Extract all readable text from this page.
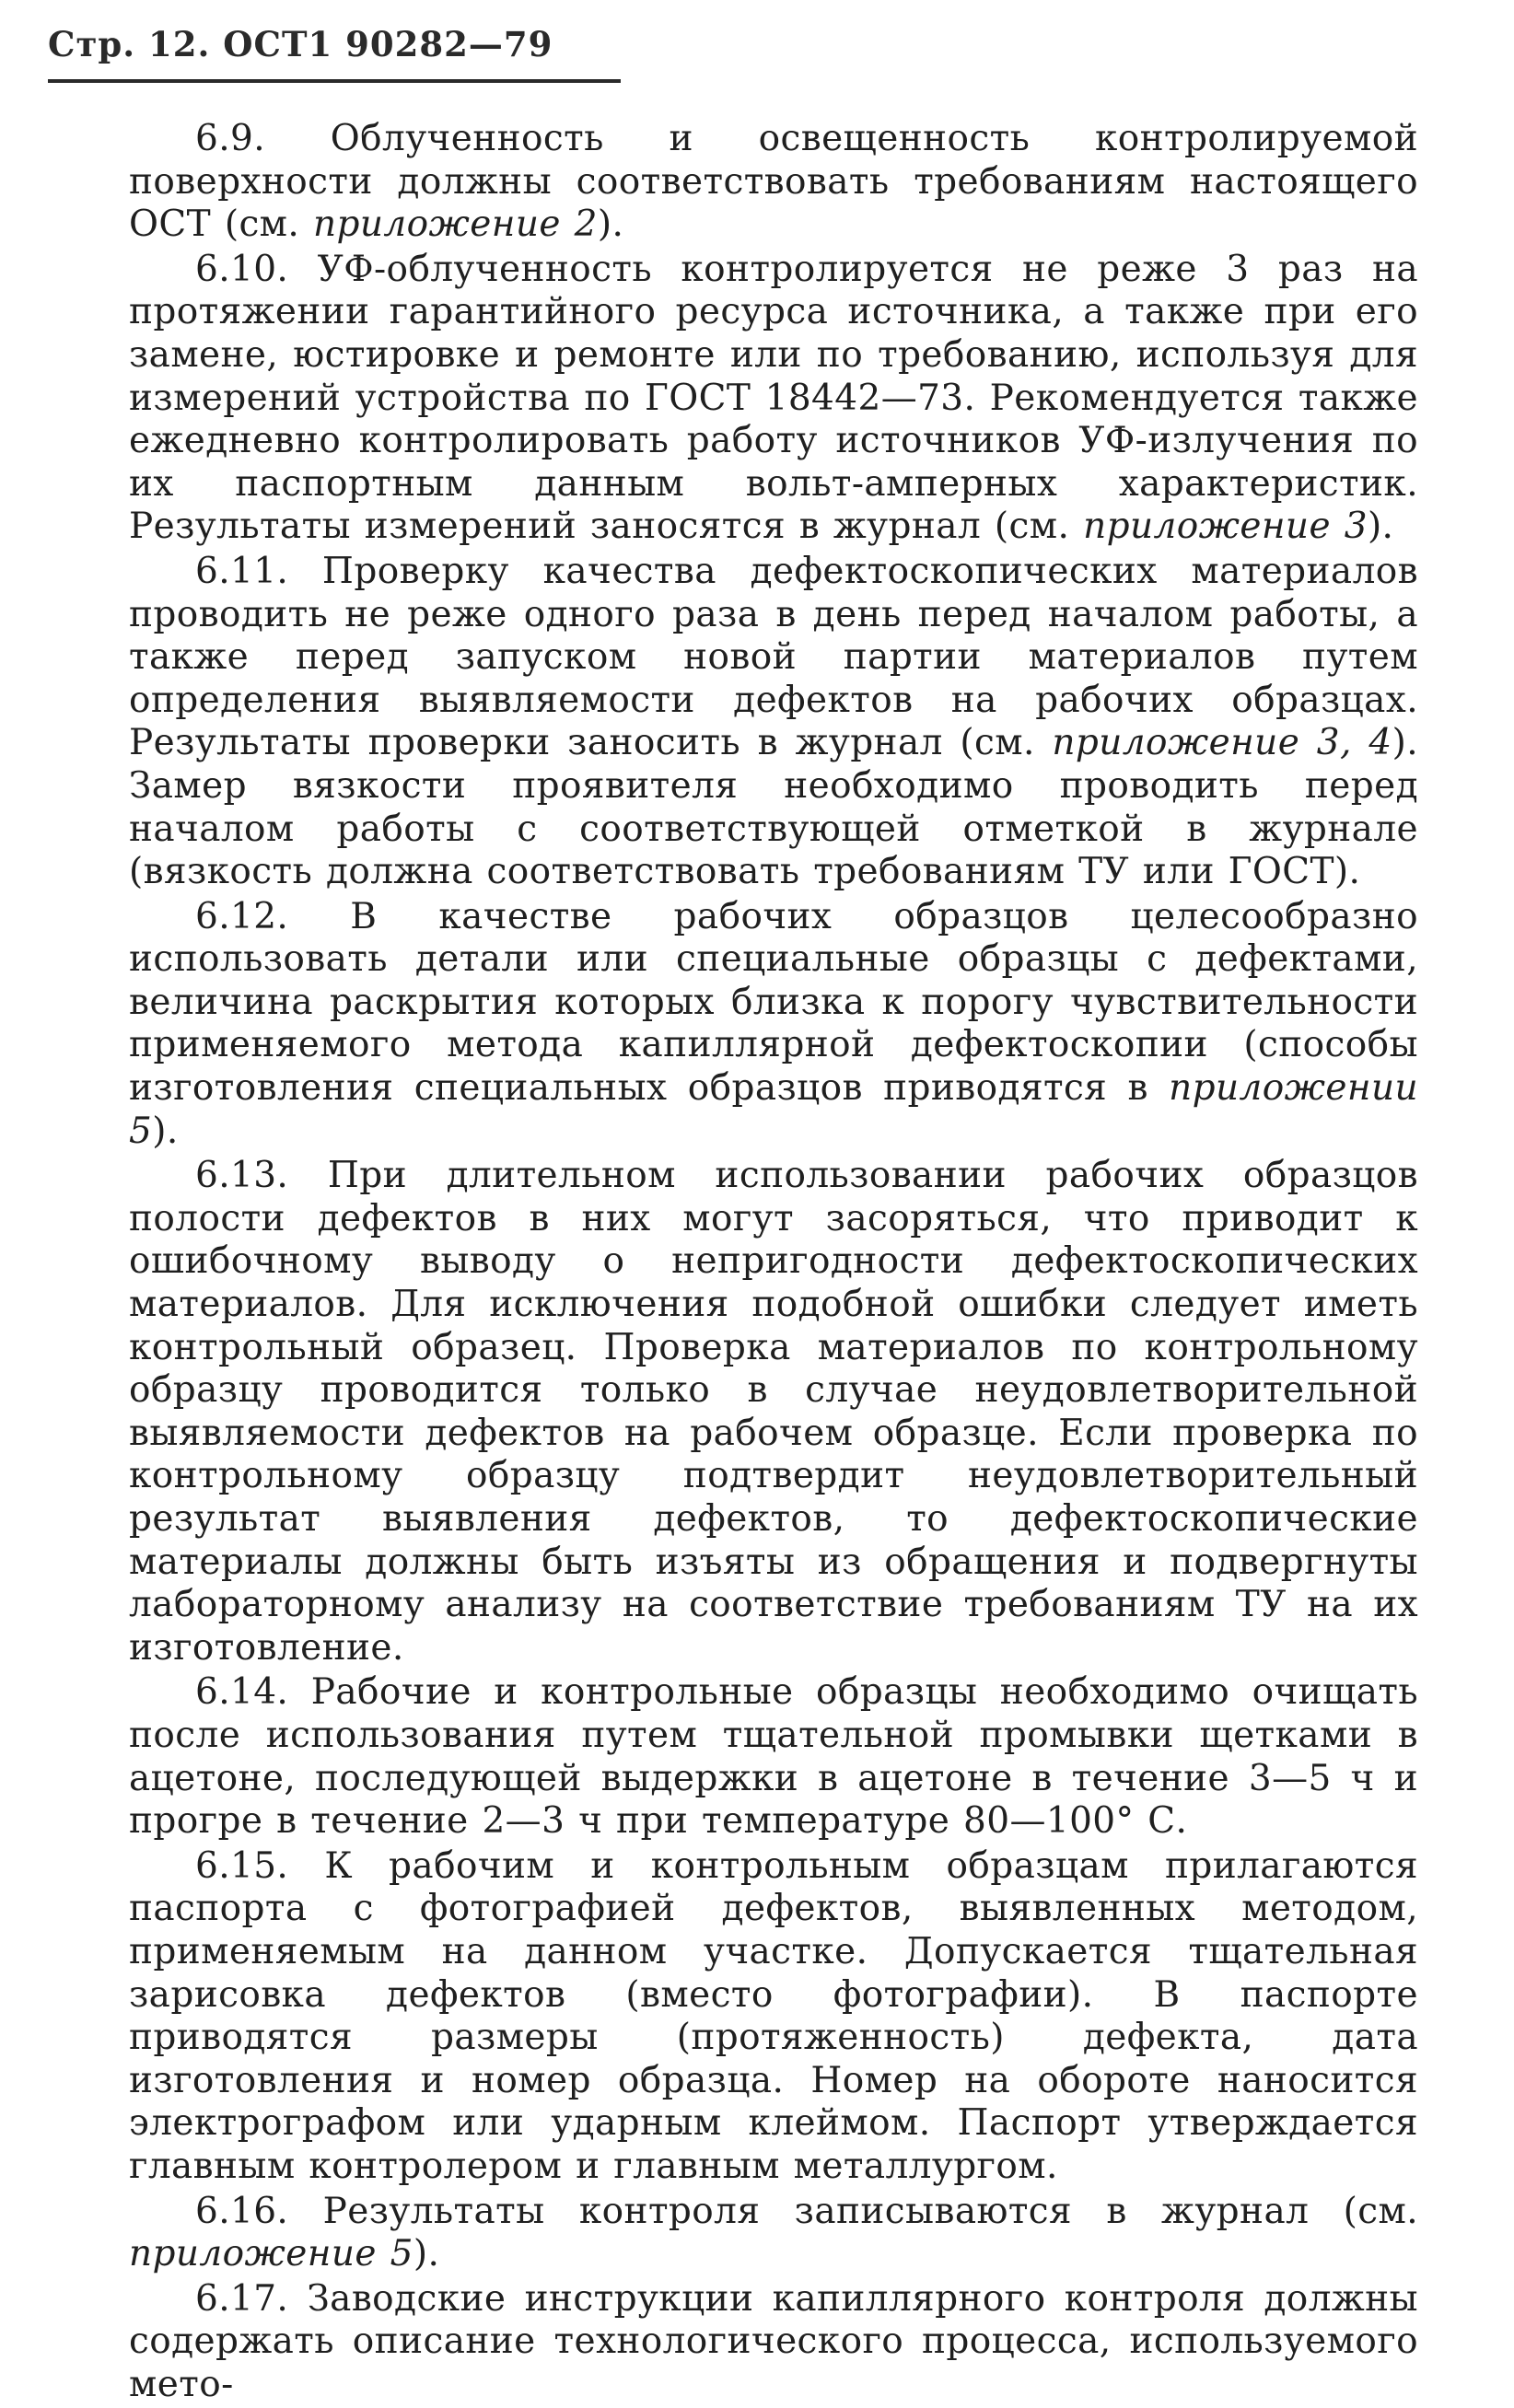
Стр. 12. ОСТ1 90282—79

6.9. Облученность и освещенность контролируемой поверхности должны соответствовать требованиям настоящего ОСТ (см. приложение 2).

6.10. УФ-облученность контролируется не реже 3 раз на протяжении гарантийного ресурса источника, а также при его замене, юстировке и ремонте или по требованию, используя для измерений устройства по ГОСТ 18442—73. Рекомендуется также ежедневно контролировать работу источников УФ-излучения по их паспортным данным вольт-амперных характеристик. Результаты измерений заносятся в журнал (см. приложение 3).

6.11. Проверку качества дефектоскопических материалов проводить не реже одного раза в день перед началом работы, а также перед запуском новой партии материалов путем определения выявляемости дефектов на рабочих образцах. Результаты проверки заносить в журнал (см. приложение 3, 4). Замер вязкости проявителя необходимо проводить перед началом работы с соответствующей отметкой в журнале (вязкость должна соответствовать требованиям ТУ или ГОСТ).

6.12. В качестве рабочих образцов целесообразно использовать детали или специальные образцы с дефектами, величина раскрытия которых близка к порогу чувствительности применяемого метода капиллярной дефектоскопии (способы изготовления специальных образцов приводятся в приложении 5).

6.13. При длительном использовании рабочих образцов полости дефектов в них могут засоряться, что приводит к ошибочному выводу о непригодности дефектоскопических материалов. Для исключения подобной ошибки следует иметь контрольный образец. Проверка материалов по контрольному образцу проводится только в случае неудовлетворительной выявляемости дефектов на рабочем образце. Если проверка по контрольному образцу подтвердит неудовлетворительный результат выявления дефектов, то дефектоскопические материалы должны быть изъяты из обращения и подвергнуты лабораторному анализу на соответствие требованиям ТУ на их изготовление.

6.14. Рабочие и контрольные образцы необходимо очищать после использования путем тщательной промывки щетками в ацетоне, последующей выдержки в ацетоне в течение 3—5 ч и прогре в течение 2—3 ч при температуре 80—100° С.

6.15. К рабочим и контрольным образцам прилагаются паспорта с фотографией дефектов, выявленных методом, применяемым на данном участке. Допускается тщательная зарисовка дефектов (вместо фотографии). В паспорте приводятся размеры (протяженность) дефекта, дата изготовления и номер образца. Номер на обороте наносится электрографом или ударным клеймом. Паспорт утверждается главным контролером и главным металлургом.

6.16. Результаты контроля записываются в журнал (см. приложение 5).

6.17. Заводские инструкции капиллярного контроля должны содержать описание технологического процесса, используемого мето-
